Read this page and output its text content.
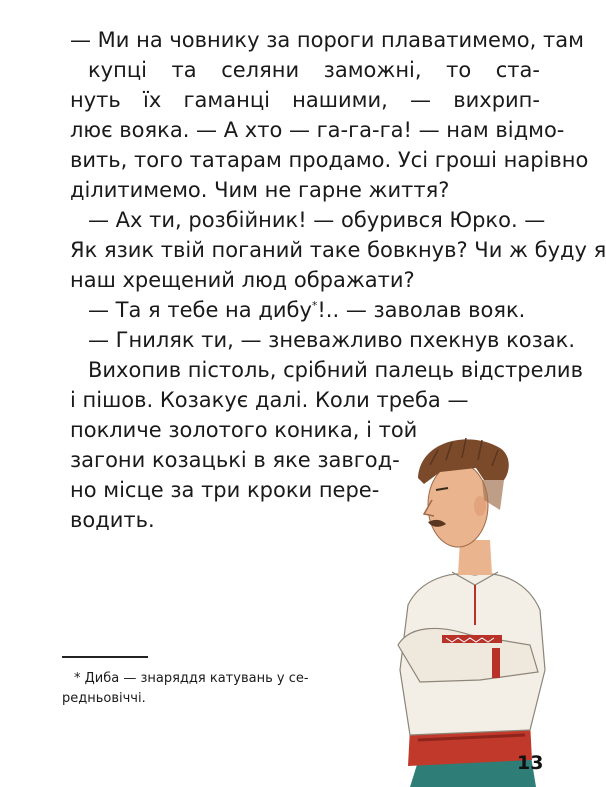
— Ми на човнику за пороги плаватимемо, там
купці та селяни заможні, то ста-
нуть їх гаманці нашими, — вихрип-
лює вояка. — А хто — га-га-га! — нам відмо-
вить, того татарам продамо. Усі гроші нарівно
ділитимемо. Чим не гарне життя?
— Ах ти, розбійник! — обурився Юрко. —
Як язик твій поганий таке бовкнув? Чи ж буду я
наш хрещений люд ображати?
— Та я тебе на дибу*!.. — заволав вояк.
— Гниляк ти, — зневажливо пхекнув козак.
Вихопив пістоль, срібний палець відстрелив
і пішов. Козакує далі. Коли треба —
покличе золотого коника, і той
загони козацькі в яке завгод-
но місце за три кроки пере-
водить.
* Диба — знаряддя катувань у се-
редньовіччі.
13
